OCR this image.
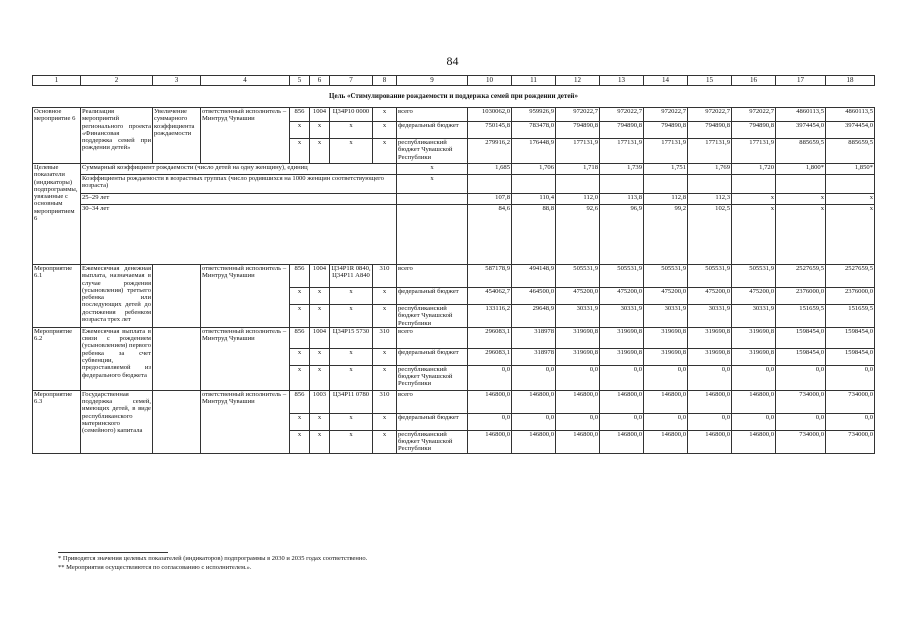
84
1	2	3	4	5	6	7	8	9	10	11	12	13	14	15	16	17	18
Цель «Стимулирование рождаемости и поддержка семей при рождении детей»																	
Основное мероприятие 6	Реализация мероприятий регионального проекта «Финансовая поддержка семей при рождении детей»	Увеличение суммарного коэффициента рождаемости	ответственный исполнитель – Минтруд Чувашии	856	1004	Ц34Р10 0000	х	всего	1030062,0	959926,9	972022,7	972022,7	972022,7	972022,7	972022,7	4860113,5	4860113,5
				х	х	х	х	федеральный бюджет	750145,8	783478,0	794890,8	794890,8	794890,8	794890,8	794890,8	3974454,0	3974454,0
				х	х	х	х	республиканский бюджет Чувашской Республики	279916,2	176448,9	177131,9	177131,9	177131,9	177131,9	177131,9	885659,5	885659,5
Целевые показатели (индикаторы) подпрограммы, увязанные с основным мероприятием 6	Суммарный коэффициент рождаемости (число детей на одну женщину), единиц							х	1,685	1,706	1,718	1,739	1,751	1,769	1,720	1,800*	1,850*
	Коэффициенты рождаемости в возрастных группах (число родившихся на 1000 женщин соответствующего возраста)							х									
	25–29 лет								107,8	110,4	112,0	113,8	112,8	112,3	х	х	х
	30–34 лет								84,6	88,8	92,6	96,9	99,2	102,5	х	х	х
Мероприятие 6.1	Ежемесячная денежная выплата, назначаемая в случае рождения (усыновления) третьего ребенка или последующих детей до достижения ребенком возраста трех лет		ответственный исполнитель – Минтруд Чувашии	856	1004	Ц34Р1R 0840, Ц34Р11 А840	310	всего	587178,9	494148,9	505531,9	505531,9	505531,9	505531,9	505531,9	2527659,5	2527659,5
				х	х	х	х	федеральный бюджет	454062,7	464500,0	475200,0	475200,0	475200,0	475200,0	475200,0	2376000,0	2376000,0
				х	х	х	х	республиканский бюджет Чувашской Республики	133116,2	29648,9	30331,9	30331,9	30331,9	30331,9	30331,9	151659,5	151659,5
Мероприятие 6.2	Ежемесячная выплата в связи с рождением (усыновлением) первого ребенка за счет субвенции, предоставляемой из федерального бюджета		ответственный исполнитель – Минтруд Чувашии	856	1004	Ц34Р15 5730	310	всего	296083,1	318978	319690,8	319690,8	319690,8	319690,8	319690,8	1598454,0	1598454,0
				х	х	х	х	федеральный бюджет	296083,1	318978	319690,8	319690,8	319690,8	319690,8	319690,8	1598454,0	1598454,0
				х	х	х	х	республиканский бюджет Чувашской Республики	0,0	0,0	0,0	0,0	0,0	0,0	0,0	0,0	0,0
Мероприятие 6.3	Государственная поддержка семей, имеющих детей, в виде республиканского материнского (семейного) капитала		ответственный исполнитель – Минтруд Чувашии	856	1003	Ц34Р11 0780	310	всего	146800,0	146800,0	146800,0	146800,0	146800,0	146800,0	146800,0	734000,0	734000,0
				х	х	х	х	федеральный бюджет	0,0	0,0	0,0	0,0	0,0	0,0	0,0	0,0	0,0
				х	х	х	х	республиканский бюджет Чувашской Республики	146800,0	146800,0	146800,0	146800,0	146800,0	146800,0	146800,0	734000,0	734000,0
* Приводятся значения целевых показателей (индикаторов) подпрограммы в 2030 и 2035 годах соответственно.
** Мероприятия осуществляются по согласованию с исполнителем.».
